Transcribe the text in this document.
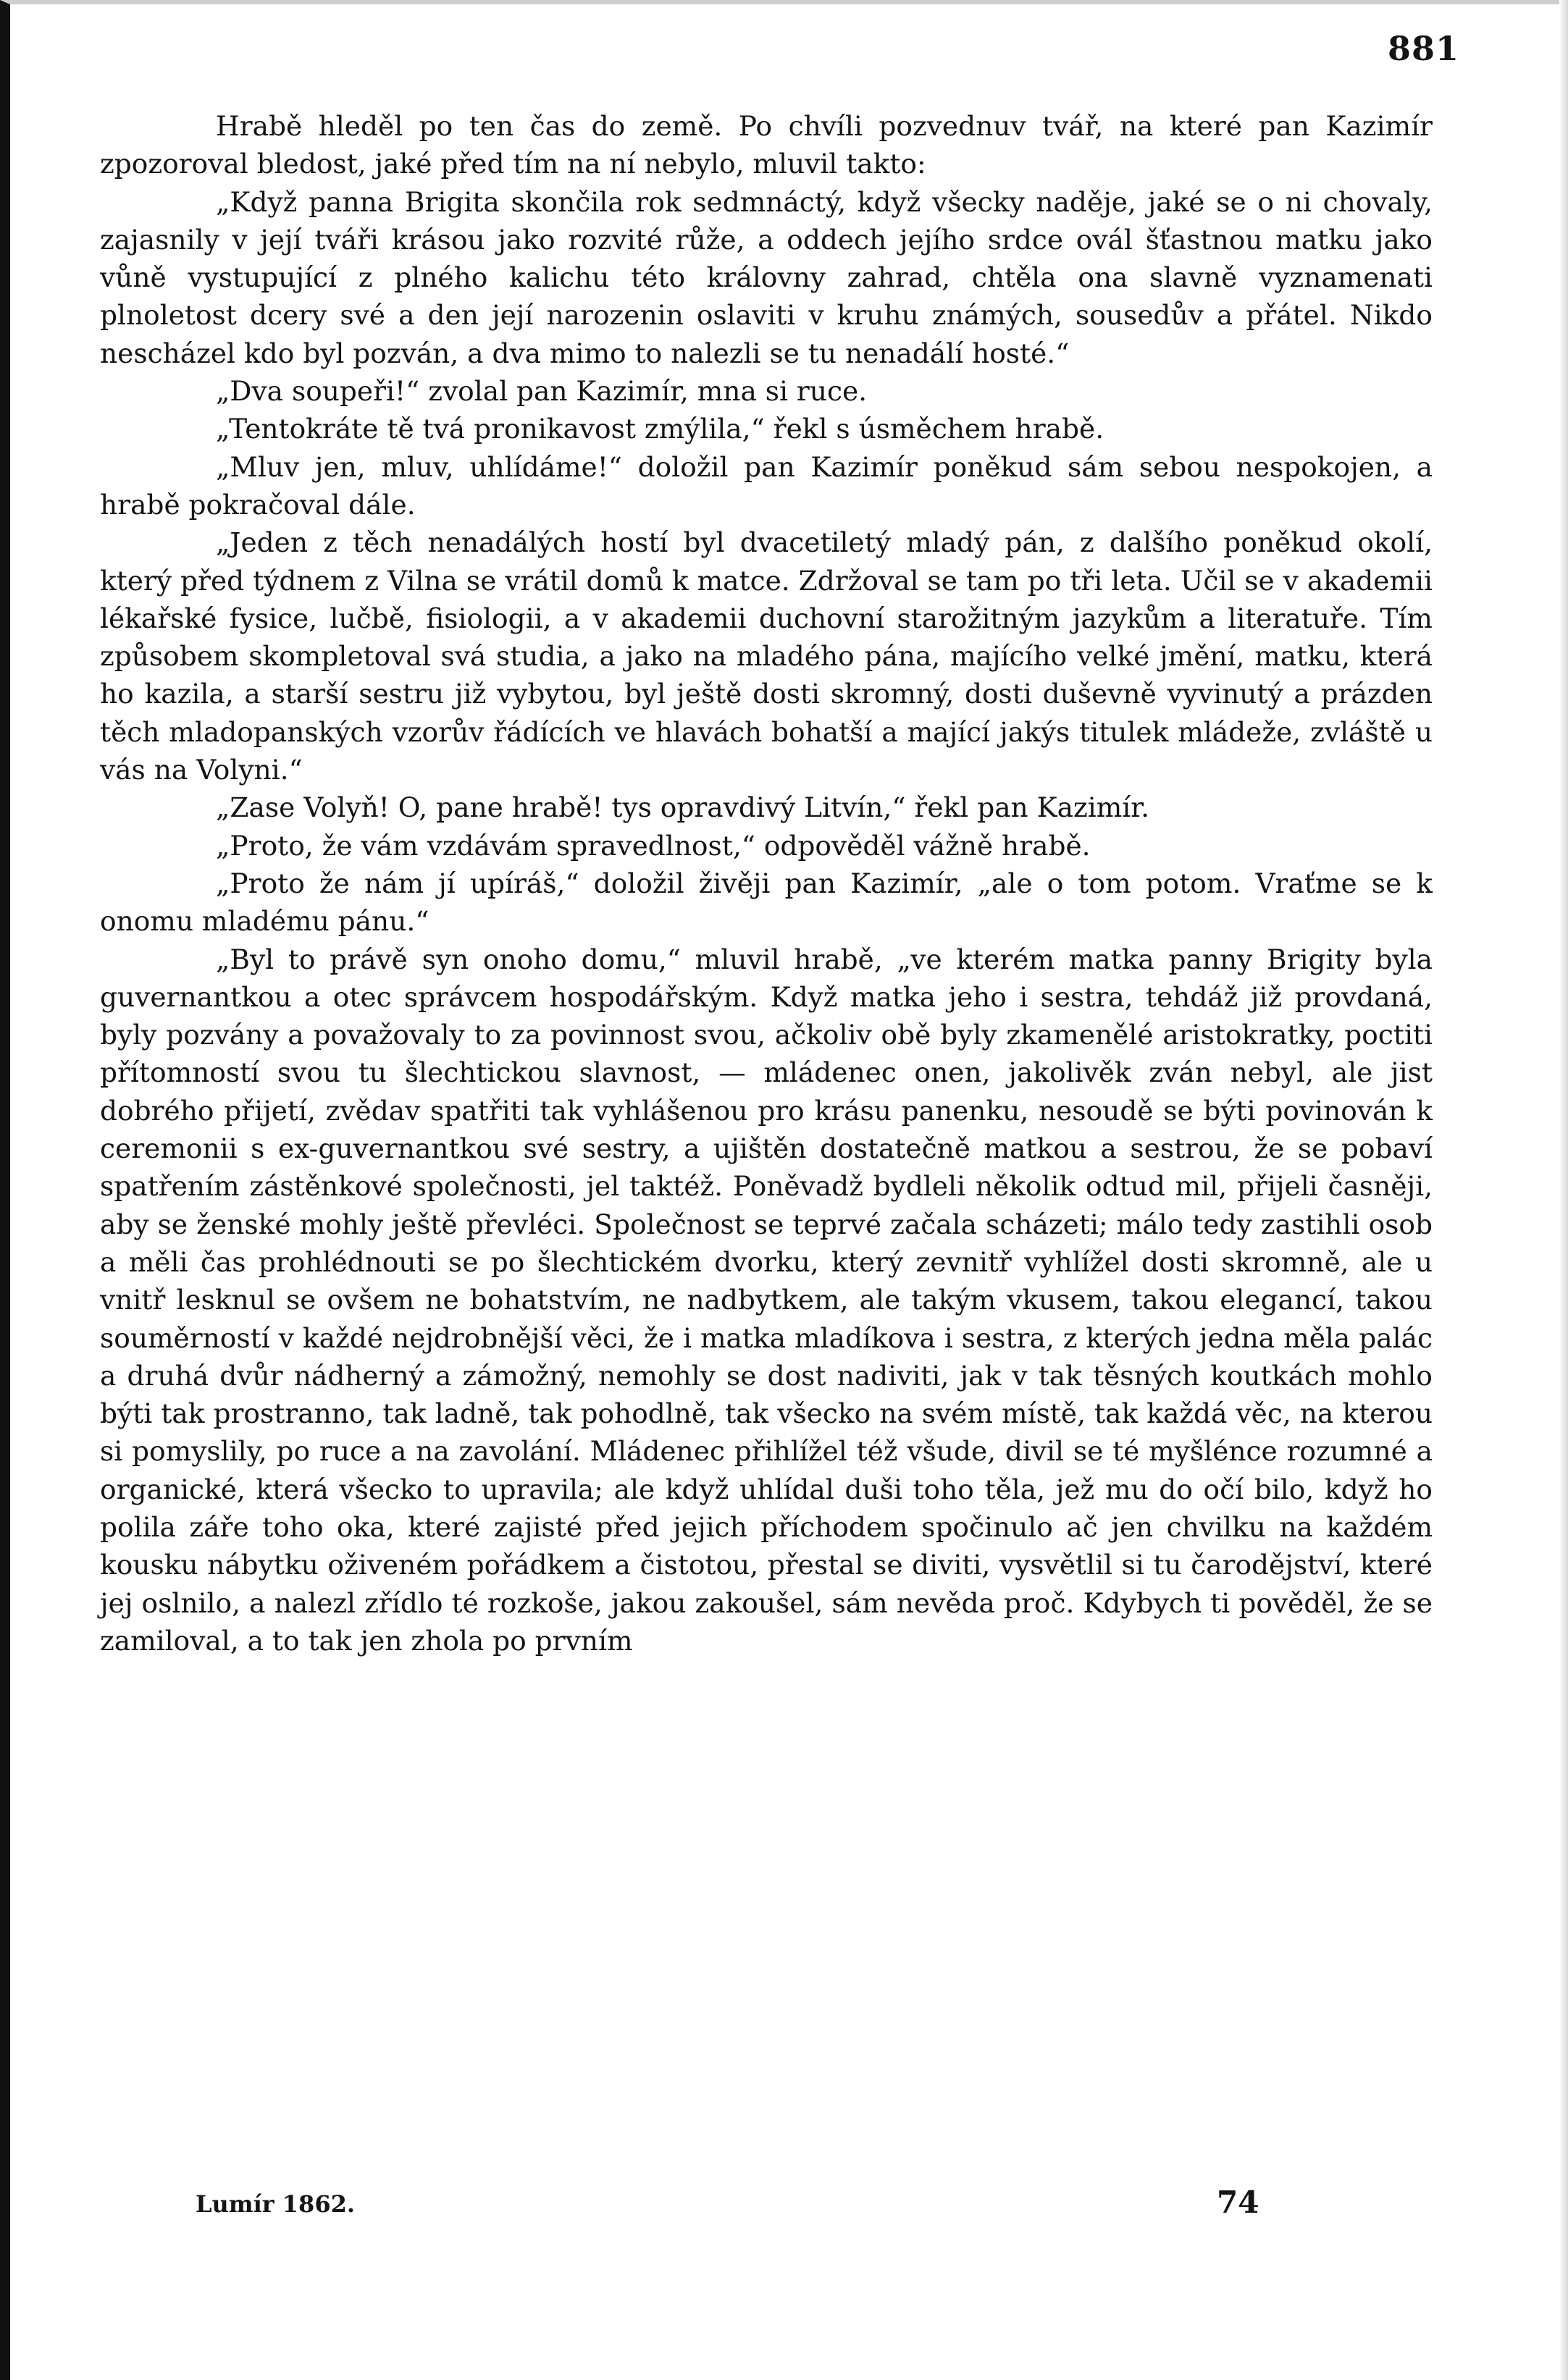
881

Hrabě hleděl po ten čas do země. Po chvíli pozvednuv tvář, na které pan Kazimír zpozoroval bledost, jaké před tím na ní nebylo, mluvil takto:

„Když panna Brigita skončila rok sedmnáctý, když všecky naděje, jaké se o ni chovaly, zajasnily v její tváři krásou jako rozvité růže, a oddech jejího srdce ovál šťastnou matku jako vůně vystupující z plného kalichu této královny zahrad, chtěla ona slavně vyznamenati plnoletost dcery své a den její narozenin oslaviti v kruhu známých, sousedův a přátel. Nikdo nescházel kdo byl pozván, a dva mimo to nalezli se tu nenadálí hosté.“

„Dva soupeři!“ zvolal pan Kazimír, mna si ruce.

„Tentokráte tě tvá pronikavost zmýlila,“ řekl s úsměchem hrabě.

„Mluv jen, mluv, uhlídáme!“ doložil pan Kazimír poněkud sám sebou nespokojen, a hrabě pokračoval dále.

„Jeden z těch nenadálých hostí byl dvacetiletý mladý pán, z dalšího poněkud okolí, který před týdnem z Vilna se vrátil domů k matce. Zdržoval se tam po tři leta. Učil se v akademii lékařské fysice, lučbě, fisiologii, a v akademii duchovní starožitným jazykům a literatuře. Tím způsobem skompletoval svá studia, a jako na mladého pána, majícího velké jmění, matku, která ho kazila, a starší sestru již vybytou, byl ještě dosti skromný, dosti duševně vyvinutý a prázden těch mladopanských vzorův řádících ve hlavách bohatší a mající jakýs titulek mládeže, zvláště u vás na Volyni.“

„Zase Volyň! O, pane hrabě! tys opravdivý Litvín,“ řekl pan Kazimír.

„Proto, že vám vzdávám spravedlnost,“ odpověděl vážně hrabě.

„Proto že nám jí upíráš,“ doložil živěji pan Kazimír, „ale o tom potom. Vraťme se k onomu mladému pánu.“

„Byl to právě syn onoho domu,“ mluvil hrabě, „ve kterém matka panny Brigity byla guvernantkou a otec správcem hospodářským. Když matka jeho i sestra, tehdáž již provdaná, byly pozvány a považovaly to za povinnost svou, ačkoliv obě byly zkamenělé aristokratky, poctiti přítomností svou tu šlechtickou slavnost, — mládenec onen, jakolivěk zván nebyl, ale jist dobrého přijetí, zvědav spatřiti tak vyhlášenou pro krásu panenku, nesoudě se býti povinován k ceremonii s ex-guvernantkou své sestry, a ujištěn dostatečně matkou a sestrou, že se pobaví spatřením zástěnkové společnosti, jel taktéž. Poněvadž bydleli několik odtud mil, přijeli časněji, aby se ženské mohly ještě převléci. Společnost se teprvé začala scházeti; málo tedy zastihli osob a měli čas prohlédnouti se po šlechtickém dvorku, který zevnitř vyhlížel dosti skromně, ale u vnitř lesknul se ovšem ne bohatstvím, ne nadbytkem, ale takým vkusem, takou elegancí, takou souměrností v každé nejdrobnější věci, že i matka mladíkova i sestra, z kterých jedna měla palác a druhá dvůr nádherný a zámožný, nemohly se dost nadiviti, jak v tak těsných koutkách mohlo býti tak prostranno, tak ladně, tak pohodlně, tak všecko na svém místě, tak každá věc, na kterou si pomyslily, po ruce a na zavolání. Mládenec přihlížel též všude, divil se té myšlénce rozumné a organické, která všecko to upravila; ale když uhlídal duši toho těla, jež mu do očí bilo, když ho polila záře toho oka, které zajisté před jejich příchodem spočinulo ač jen chvilku na každém kousku nábytku oživeném pořádkem a čistotou, přestal se diviti, vysvětlil si tu čarodějství, které jej oslnilo, a nalezl zřídlo té rozkoše, jakou zakoušel, sám nevěda proč. Kdybych ti pověděl, že se zamiloval, a to tak jen zhola po prvním

Lumír 1862.	74
